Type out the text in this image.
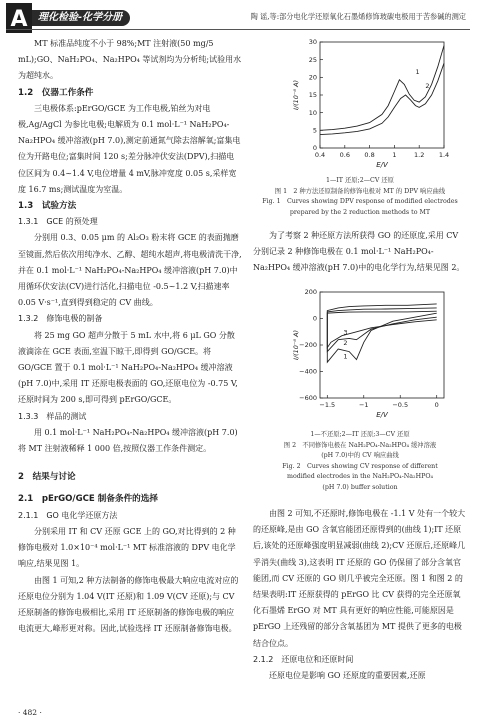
A	理化检验-化学分册	陶 谣,等:部分电化学还原氧化石墨烯修饰玻碳电极用于苦参碱的测定

MT 标准品纯度不小于 98%;MT 注射液(50 mg/5 mL);GO、NaH₂PO₄、Na₂HPO₄ 等试剂均为分析纯;试验用水为超纯水。

1.2　仪器工作条件

三电极体系:pErGO/GCE 为工作电极,铂丝为对电极,Ag/AgCl 为参比电极;电解质为 0.1 mol·L⁻¹ NaH₂PO₄-Na₂HPO₄ 缓冲溶液(pH 7.0),测定前通氮气除去溶解氧;富集电位为开路电位;富集时间 120 s;差分脉冲伏安法(DPV),扫描电位区间为 0.4~1.4 V,电位增量 4 mV,脉冲宽度 0.05 s,采样宽度 16.7 ms;测试温度为室温。

1.3　试验方法

1.3.1　GCE 的预处理

分别用 0.3、0.05 μm 的 Al₂O₃ 粉末将 GCE 的表面抛磨至镜面,然后依次用纯净水、乙醇、超纯水超声,将电极清洗干净,并在 0.1 mol·L⁻¹ NaH₂PO₄-Na₂HPO₄ 缓冲溶液(pH 7.0)中用循环伏安法(CV)进行活化,扫描电位 -0.5~1.2 V,扫描速率 0.05 V·s⁻¹,直到得到稳定的 CV 曲线。

1.3.2　修饰电极的制备

将 25 mg GO 超声分散于 5 mL 水中,将 6 μL GO 分散液滴涂在 GCE 表面,室温下晾干,即得到 GO/GCE。将 GO/GCE 置于 0.1 mol·L⁻¹ NaH₂PO₄-Na₂HPO₄ 缓冲溶液(pH 7.0)中,采用 IT 还原电极表面的 GO,还原电位为 -0.75 V,还原时间为 200 s,即可得到 pErGO/GCE。

1.3.3　样品的测试

用 0.1 mol·L⁻¹ NaH₂PO₄-Na₂HPO₄ 缓冲溶液(pH 7.0)将 MT 注射液稀释 1 000 倍,按照仪器工作条件测定。

2　结果与讨论

2.1　pErGO/GCE 制备条件的选择

2.1.1　GO 电化学还原方法

分别采用 IT 和 CV 还原 GCE 上的 GO,对比得到的 2 种修饰电极对 1.0×10⁻⁴ mol·L⁻¹ MT 标准溶液的 DPV 电化学响应,结果见图 1。

由图 1 可知,2 种方法制备的修饰电极最大响应电流对应的还原电位分别为 1.04 V(IT 还原)和 1.09 V(CV 还原);与 CV 还原制备的修饰电极相比,采用 IT 还原制备的修饰电极的响应电流更大,峰形更对称。因此,试验选择 IT 还原制备修饰电极。

0.4 0.6 0.8	1	1.2 1.4
0
5
10
15
20
25
30
E/V
I/(10⁻⁶ A)
1
2
1—IT 还原;2—CV 还原
图 1　2 种方法还原制备的修饰电极对 MT 的 DPV 响应曲线
Fig. 1　Curves showing DPV response of modified electrodes
prepared by the 2 reduction methods to MT

为了考察 2 种还原方法所获得 GO 的还原度,采用 CV 分别记录 2 种修饰电极在 0.1 mol·L⁻¹ NaH₂PO₄-Na₂HPO₄ 缓冲溶液(pH 7.0)中的电化学行为,结果见图 2。

−1.5	−1	−0.5	0
−600
−400
−200
0
200
E/V
I/(10⁻⁶ A)	1
2
3
1—不还原;2—IT 还原;3—CV 还原
图 2　不同修饰电极在 NaH₂PO₄-Na₂HPO₄ 缓冲溶液
(pH 7.0)中的 CV 响应曲线
Fig. 2　Curves showing CV response of different
modified electrodes in the NaH₂PO₄-Na₂HPO₄
(pH 7.0) buffer solution

由图 2 可知,不还原时,修饰电极在 -1.1 V 处有一个较大的还原峰,是由 GO 含氧官能团还原得到的(曲线 1);IT 还原后,该处的还原峰强度明显减弱(曲线 2);CV 还原后,还原峰几乎消失(曲线 3),这表明 IT 还原的 GO 仍保留了部分含氧官能团,而 CV 还原的 GO 则几乎被完全还原。图 1 和图 2 的结果表明:IT 还原获得的 pErGO 比 CV 获得的完全还原氧化石墨烯 ErGO 对 MT 具有更好的响应性能,可能原因是 pErGO 上还残留的部分含氧基团为 MT 提供了更多的电极结合位点。

2.1.2　还原电位和还原时间

还原电位是影响 GO 还原度的重要因素,还原

· 482 ·
